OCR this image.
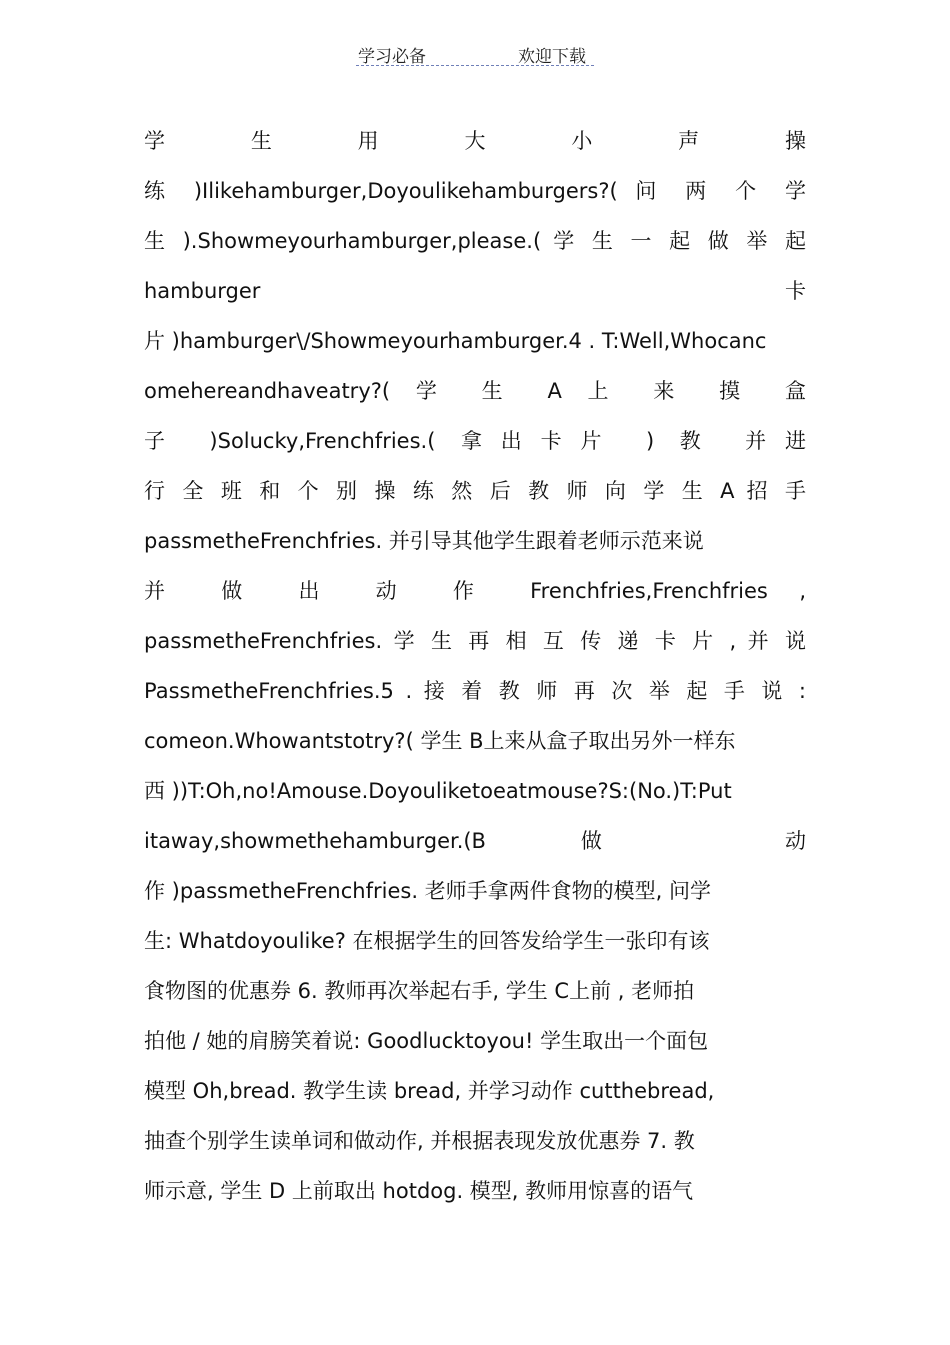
学习必备	欢迎下载
学 生 用 大 小 声 操
练 )Ilikehamburger,Doyoulikehamburgers?( 问 两 个 学
生 ).Showmeyourhamburger,please.( 学 生 一 起 做 举 起
hamburger 卡
片 )hamburger\/Showmeyourhamburger.4 . T:Well,Whocanc
omehereandhaveatry?( 学 生 A 上 来 摸 盒
子 )Solucky,Frenchfries.( 拿出卡片 ) 教 并进
行 全 班 和 个 别 操 练 然 后 教 师 向 学 生 A 招 手
passmetheFrenchfries. 并引导其他学生跟着老师示范来说
并 做 出 动 作 Frenchfries,Frenchfries ,
passmetheFrenchfries. 学 生 再 相 互 传 递 卡 片 , 并 说
PassmetheFrenchfries.5 . 接 着 教 师 再 次 举 起 手 说 :
comeon.Whowantstotry?( 学生 B上来从盒子取出另外一样东
西 ))T:Oh,no!Amouse.Doyouliketoeatmouse?S:(No.)T:Put
itaway,showmethehamburger.(B 做 动
作 )passmetheFrenchfries. 老师手拿两件食物的模型, 问学
生: Whatdoyoulike? 在根据学生的回答发给学生一张印有该
食物图的优惠券 6. 教师再次举起右手, 学生 C上前 , 老师拍
拍他 / 她的肩膀笑着说: Goodlucktoyou! 学生取出一个面包
模型 Oh,bread. 教学生读 bread, 并学习动作 cutthebread,
抽查个别学生读单词和做动作, 并根据表现发放优惠券 7. 教
师示意, 学生 D 上前取出 hotdog. 模型, 教师用惊喜的语气
